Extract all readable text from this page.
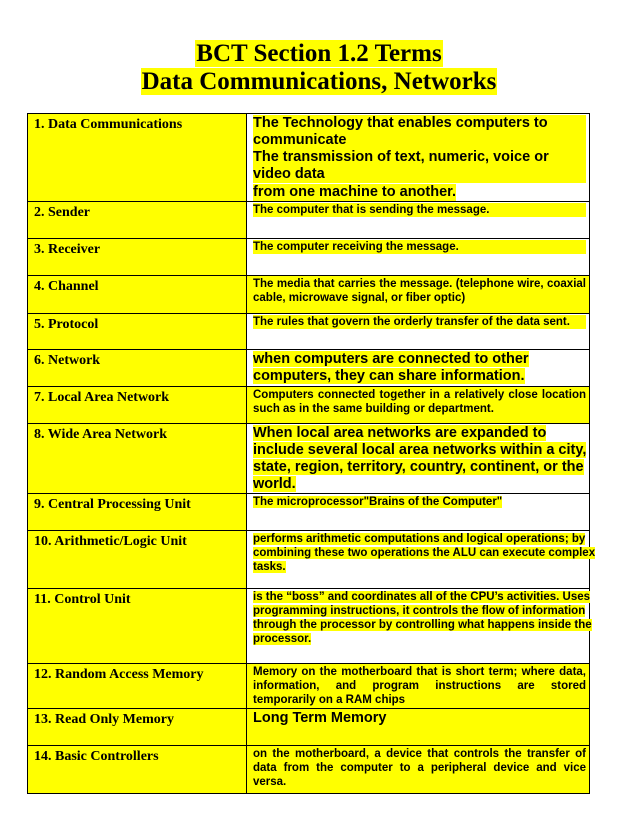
BCT Section 1.2 Terms
Data Communications, Networks
1. Data Communications	The Technology that enables computers to communicate
The transmission of text, numeric, voice or video data
from one machine to another.
2. Sender	The computer that is sending the message.

3. Receiver	The computer receiving the message.

4. Channel	The media that carries the message. (telephone wire, coaxial cable, microwave signal, or fiber optic)

5. Protocol	The rules that govern the orderly transfer of the data sent.

6. Network	when computers are connected to other computers, they can share information.

7. Local Area Network	Computers connected together in a relatively close location such as in the same building or department.

8. Wide Area Network	When local area networks are expanded to include several local area networks within a city, state, region, territory, country, continent, or the world.

9. Central Processing Unit	The microprocessor"Brains of the Computer"

10. Arithmetic/Logic Unit	performs arithmetic computations and logical operations; by combining these two operations the ALU can execute complex tasks.

11. Control Unit	is the “boss” and coordinates all of the CPU’s activities. Uses programming instructions, it controls the flow of information through the processor by controlling what happens inside the processor.

12. Random Access Memory	Memory on the motherboard that is short term; where data, information, and program instructions are stored temporarily on a RAM chips

13. Read Only Memory	Long Term Memory

14. Basic Controllers	on the motherboard, a device that controls the transfer of data from the computer to a peripheral device and vice versa.
